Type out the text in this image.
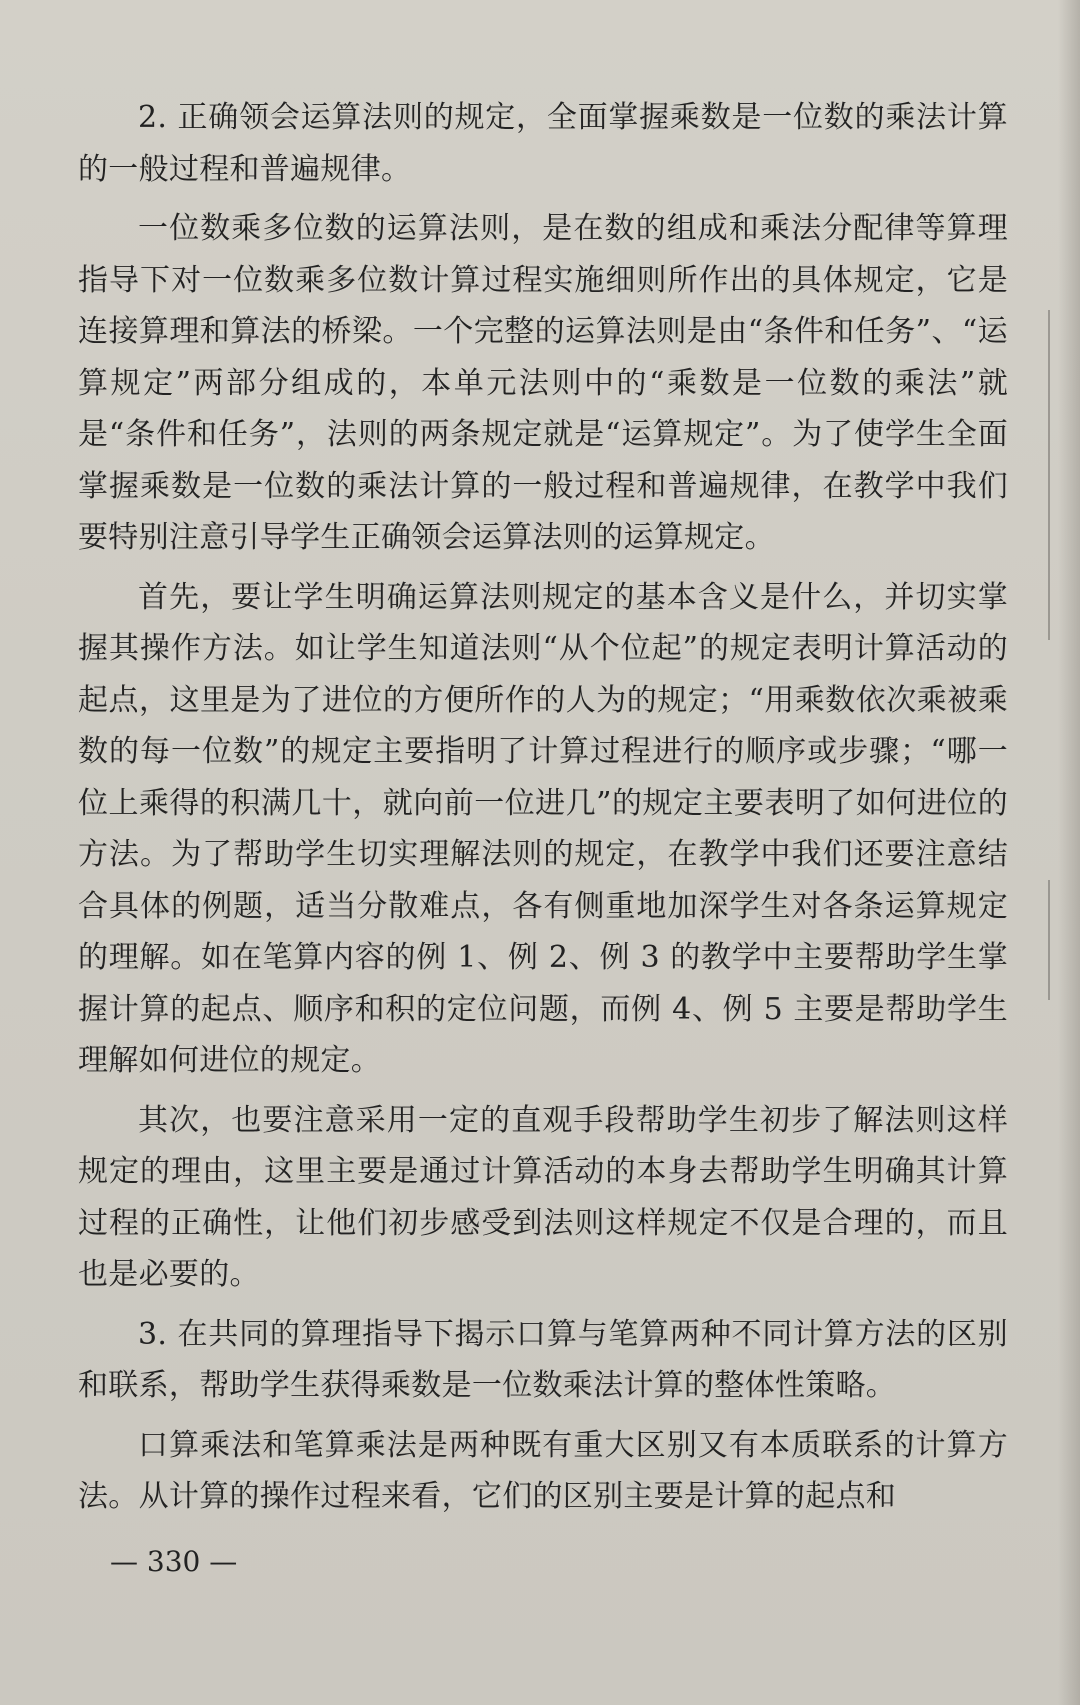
2. 正确领会运算法则的规定，全面掌握乘数是一位数的乘法计算的一般过程和普遍规律。

一位数乘多位数的运算法则，是在数的组成和乘法分配律等算理指导下对一位数乘多位数计算过程实施细则所作出的具体规定，它是连接算理和算法的桥梁。一个完整的运算法则是由“条件和任务”、“运算规定”两部分组成的，本单元法则中的“乘数是一位数的乘法”就是“条件和任务”，法则的两条规定就是“运算规定”。为了使学生全面掌握乘数是一位数的乘法计算的一般过程和普遍规律，在教学中我们要特别注意引导学生正确领会运算法则的运算规定。

首先，要让学生明确运算法则规定的基本含义是什么，并切实掌握其操作方法。如让学生知道法则“从个位起”的规定表明计算活动的起点，这里是为了进位的方便所作的人为的规定；“用乘数依次乘被乘数的每一位数”的规定主要指明了计算过程进行的顺序或步骤；“哪一位上乘得的积满几十，就向前一位进几”的规定主要表明了如何进位的方法。为了帮助学生切实理解法则的规定，在教学中我们还要注意结合具体的例题，适当分散难点，各有侧重地加深学生对各条运算规定的理解。如在笔算内容的例 1、例 2、例 3 的教学中主要帮助学生掌握计算的起点、顺序和积的定位问题，而例 4、例 5 主要是帮助学生理解如何进位的规定。

其次，也要注意采用一定的直观手段帮助学生初步了解法则这样规定的理由，这里主要是通过计算活动的本身去帮助学生明确其计算过程的正确性，让他们初步感受到法则这样规定不仅是合理的，而且也是必要的。

3. 在共同的算理指导下揭示口算与笔算两种不同计算方法的区别和联系，帮助学生获得乘数是一位数乘法计算的整体性策略。

口算乘法和笔算乘法是两种既有重大区别又有本质联系的计算方法。从计算的操作过程来看，它们的区别主要是计算的起点和

— 330 —
